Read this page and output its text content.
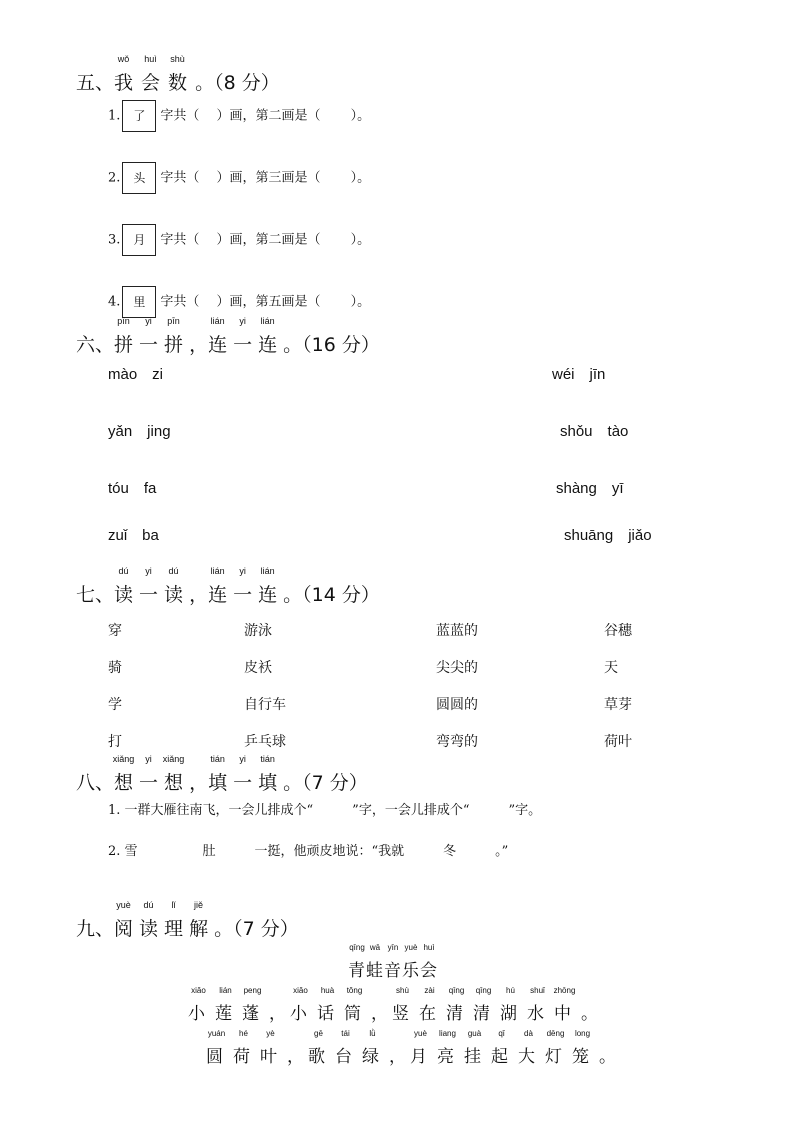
五、
wǒ
我
huì
会
shù
数 。（8 分）
1. 了 字共（　 ）画，第二画是（　　 ）。
2. 头 字共（　 ）画，第三画是（　　 ）。
3. 月 字共（　 ）画，第二画是（　　 ）。
4. 里 字共（　 ）画，第五画是（　　 ）。
六、
pīn
拼
yi
一
pīn
拼 ，
lián
连
yi
一
lián
连 。（16 分）
mào　zi
yǎn　jing
tóu　fa
zuǐ　ba
wéi　jīn
shǒu　tào
shàng　yī
shuāng　jiǎo
七、
dú
读
yi
一
dú
读 ，
lián
连
yi
一
lián
连 。（14 分）
穿	游泳	蓝蓝的	谷穗
骑	皮袄	尖尖的	天
学	自行车	圆圆的	草芽
打	乒乓球	弯弯的	荷叶
八、
xiǎng
想
yi
一
xiǎng
想 ，
tián
填
yi
一
tián
填 。（7 分）
1. 一群大雁往南飞，一会儿排成个“　　　”字，一会儿排成个“　　　”字。
2. 雪　　　　　肚　　　一挺，他顽皮地说：“我就　　　冬　　　。”
九、
yuè
阅
dú
读
lǐ
理
jiě
解 。（7 分）
qīng
青
wā
蛙
yīn
音
yuè
乐
huì
会
xiǎo
小
lián
莲
peng
蓬 ，
xiǎo
小
huà
话
tǒng
筒 ，
shù
竖
zài
在
qīng
清
qīng
清
hú
湖
shuǐ
水
zhōng
中 。
yuán
圆
hé
荷
yè
叶 ，
gē
歌
tái
台
lǜ
绿 ，
yuè
月
liang
亮
guà
挂
qǐ
起
dà
大
dēng
灯
long
笼 。
